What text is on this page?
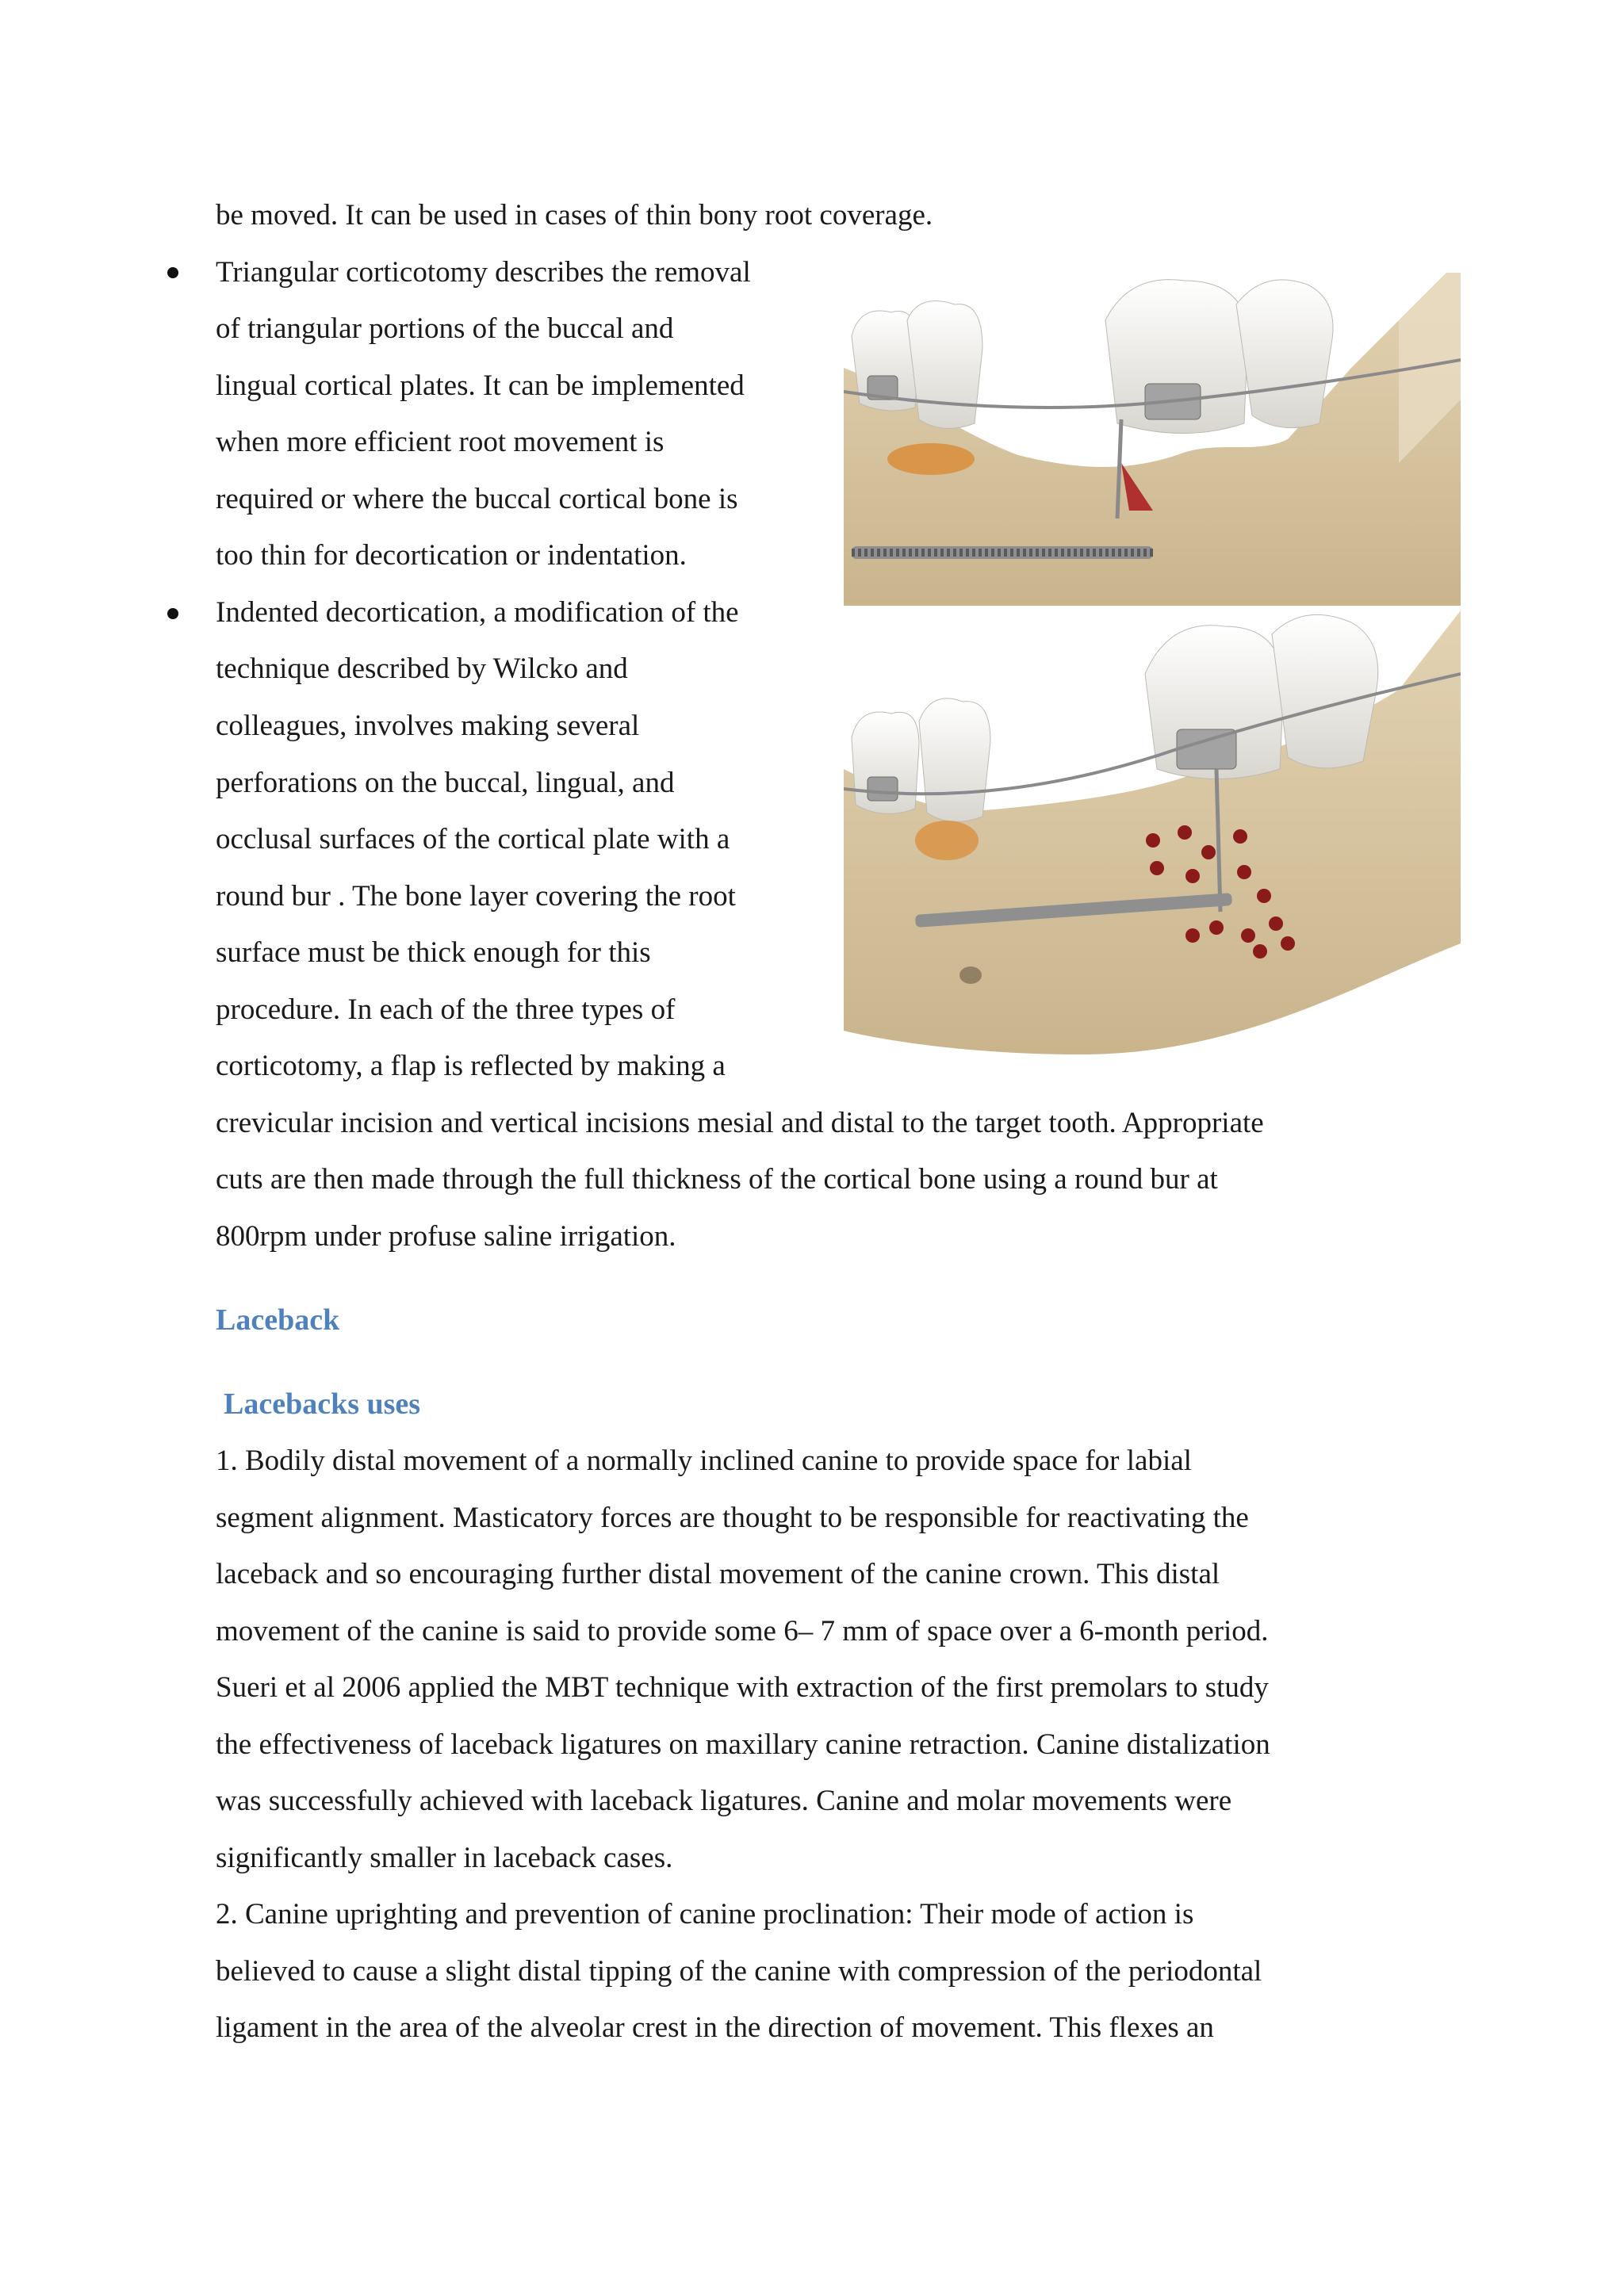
be moved. It can be used in cases of thin bony root coverage.
Triangular corticotomy describes the removal
of triangular portions of the buccal and
lingual cortical plates. It can be implemented
when more efficient root movement is
required or where the buccal cortical bone is
too thin for decortication or indentation.
Indented decortication, a modification of the
technique described by Wilcko and
colleagues, involves making several
perforations on the buccal, lingual, and
occlusal surfaces of the cortical plate with a
round bur . The bone layer covering the root
surface must be thick enough for this
procedure. In each of the three types of
corticotomy, a flap is reflected by making a
crevicular incision and vertical incisions mesial and distal to the target tooth. Appropriate
cuts are then made through the full thickness of the cortical bone using a round bur at
800rpm under profuse saline irrigation.
Laceback
Lacebacks uses
1. Bodily distal movement of a normally inclined canine to provide space for labial
segment alignment. Masticatory forces are thought to be responsible for reactivating the
laceback and so encouraging further distal movement of the canine crown. This distal
movement of the canine is said to provide some 6– 7 mm of space over a 6-month period.
Sueri et al 2006 applied the MBT technique with extraction of the first premolars to study
the effectiveness of laceback ligatures on maxillary canine retraction. Canine distalization
was successfully achieved with laceback ligatures. Canine and molar movements were
significantly smaller in laceback cases.
2. Canine uprighting and prevention of canine proclination: Their mode of action is
believed to cause a slight distal tipping of the canine with compression of the periodontal
ligament in the area of the alveolar crest in the direction of movement. This flexes an
